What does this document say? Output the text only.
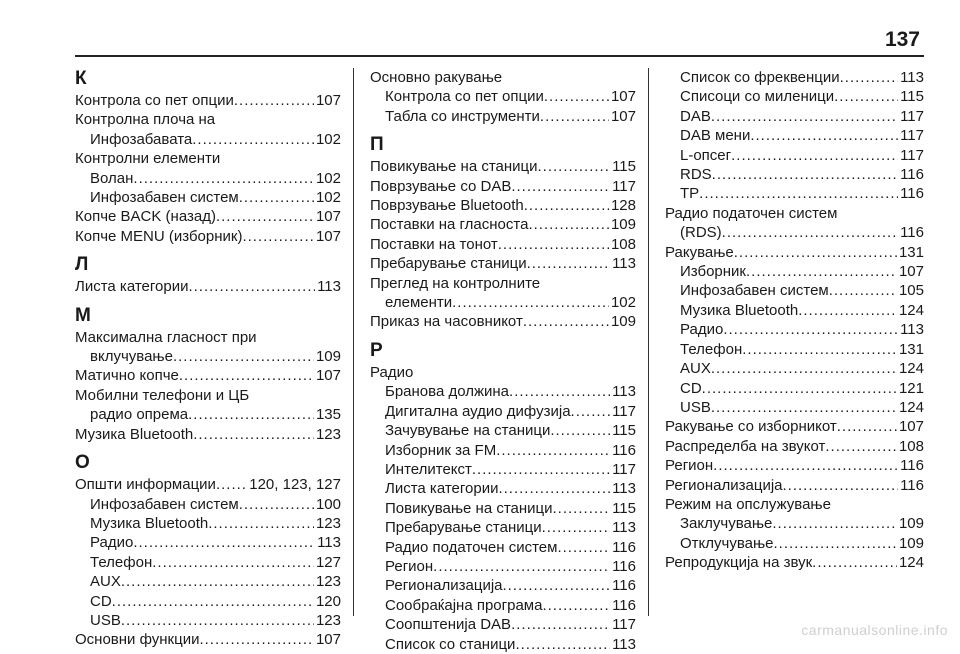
137
К
Контрола со пет опции .....	107
Контролна плоча на
Инфозабавата .....	102
Контролни елементи
Волан .....	102
Инфозабавен систем .....	102
Копче BACK (назад) .....	107
Копче MENU (изборник) .....	107
Л
Листа категории .....	113
М
Максимална гласност при
вклучување .....	109
Матично копче .....	107
Мобилни телефони и ЦБ
радио опрема .....	135
Музика Bluetooth .....	123
О
Општи информации ..... 120, 123, 127
Инфозабавен систем .....	100
Музика Bluetooth .....	123
Радио .....	113
Телефон .....	127
AUX .....	123
CD .....	120
USB .....	123
Основни функции .....	107
Основно ракување
Контрола со пет опции .....	107
Табла со инструменти .....	107
П
Повикување на станици .....	115
Поврзување со DAB .....	117
Поврзување Bluetooth .....	128
Поставки на гласноста .....	109
Поставки на тонот .....	108
Пребарување станици .....	113
Преглед на контролните
елементи .....	102
Приказ на часовникот .....	109
Р
Радио
Бранова должина .....	113
Дигитална аудио дифузија .....	117
Зачувување на станици .....	115
Изборник за FM .....	116
Интелитекст .....	117
Листа категории .....	113
Повикување на станици .....	115
Пребарување станици .....	113
Радио податочен систем .....	116
Регион .....	116
Регионализација .....	116
Сообраќајна програма .....	116
Соопштенија DAB .....	117
Список со станици .....	113
Список со фреквенции .....	113
Списоци со миленици .....	115
DAB .....	117
DAB мени .....	117
L-опсег .....	117
RDS .....	116
TP .....	116
Радио податочен систем
(RDS) .....	116
Ракување .....	131
Изборник .....	107
Инфозабавен систем .....	105
Музика Bluetooth .....	124
Радио .....	113
Телефон .....	131
AUX .....	124
CD .....	121
USB .....	124
Ракување со изборникот .....	107
Распределба на звукот .....	108
Регион .....	116
Регионализација .....	116
Режим на опслужување
Заклучување .....	109
Отклучување .....	109
Репродукција на звук .....	124
carmanualsonline.info
